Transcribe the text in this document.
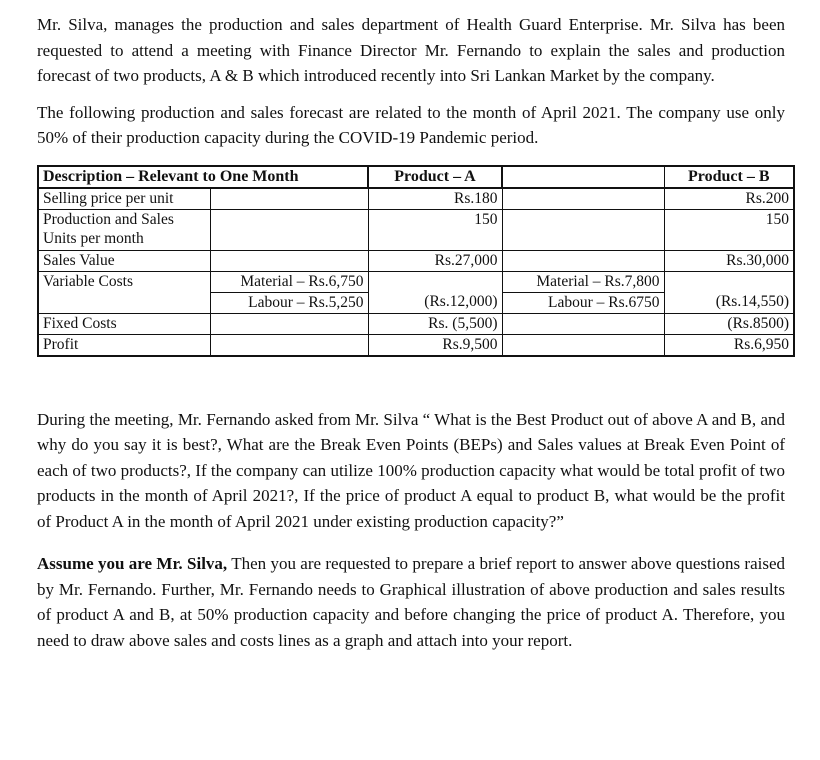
Mr. Silva, manages the production and sales department of Health Guard Enterprise. Mr. Silva has been requested to attend a meeting with Finance Director Mr. Fernando to explain the sales and production forecast of two products, A & B which introduced recently into Sri Lankan Market by the company.

The following production and sales forecast are related to the month of April 2021. The company use only 50% of their production capacity during the COVID-19 Pandemic period.

Description – Relevant to One Month		Product – A		Product – B
Selling price per unit		Rs.180		Rs.200

Production and Sales
Units per month		150		150
Sales Value		Rs.27,000		Rs.30,000
Variable Costs	Material – Rs.6,750		Material – Rs.7,800	
	Labour – Rs.5,250	(Rs.12,000)	Labour – Rs.6750	(Rs.14,550)
Fixed Costs		Rs. (5,500)		(Rs.8500)
Profit		Rs.9,500		Rs.6,950

During the meeting, Mr. Fernando asked from Mr. Silva “ What is the Best Product out of above A and B, and why do you say it is best?, What are the Break Even Points (BEPs) and Sales values at Break Even Point of each of two products?, If the company can utilize 100% production capacity what would be total profit of two products in the month of April 2021?, If the price of product A equal to product B, what would be the profit of Product A in the month of April 2021 under existing production capacity?”

Assume you are Mr. Silva, Then you are requested to prepare a brief report to answer above questions raised by Mr. Fernando. Further, Mr. Fernando needs to Graphical illustration of above production and sales results of product A and B, at 50% production capacity and before changing the price of product A. Therefore, you need to draw above sales and costs lines as a graph and attach into your report.
